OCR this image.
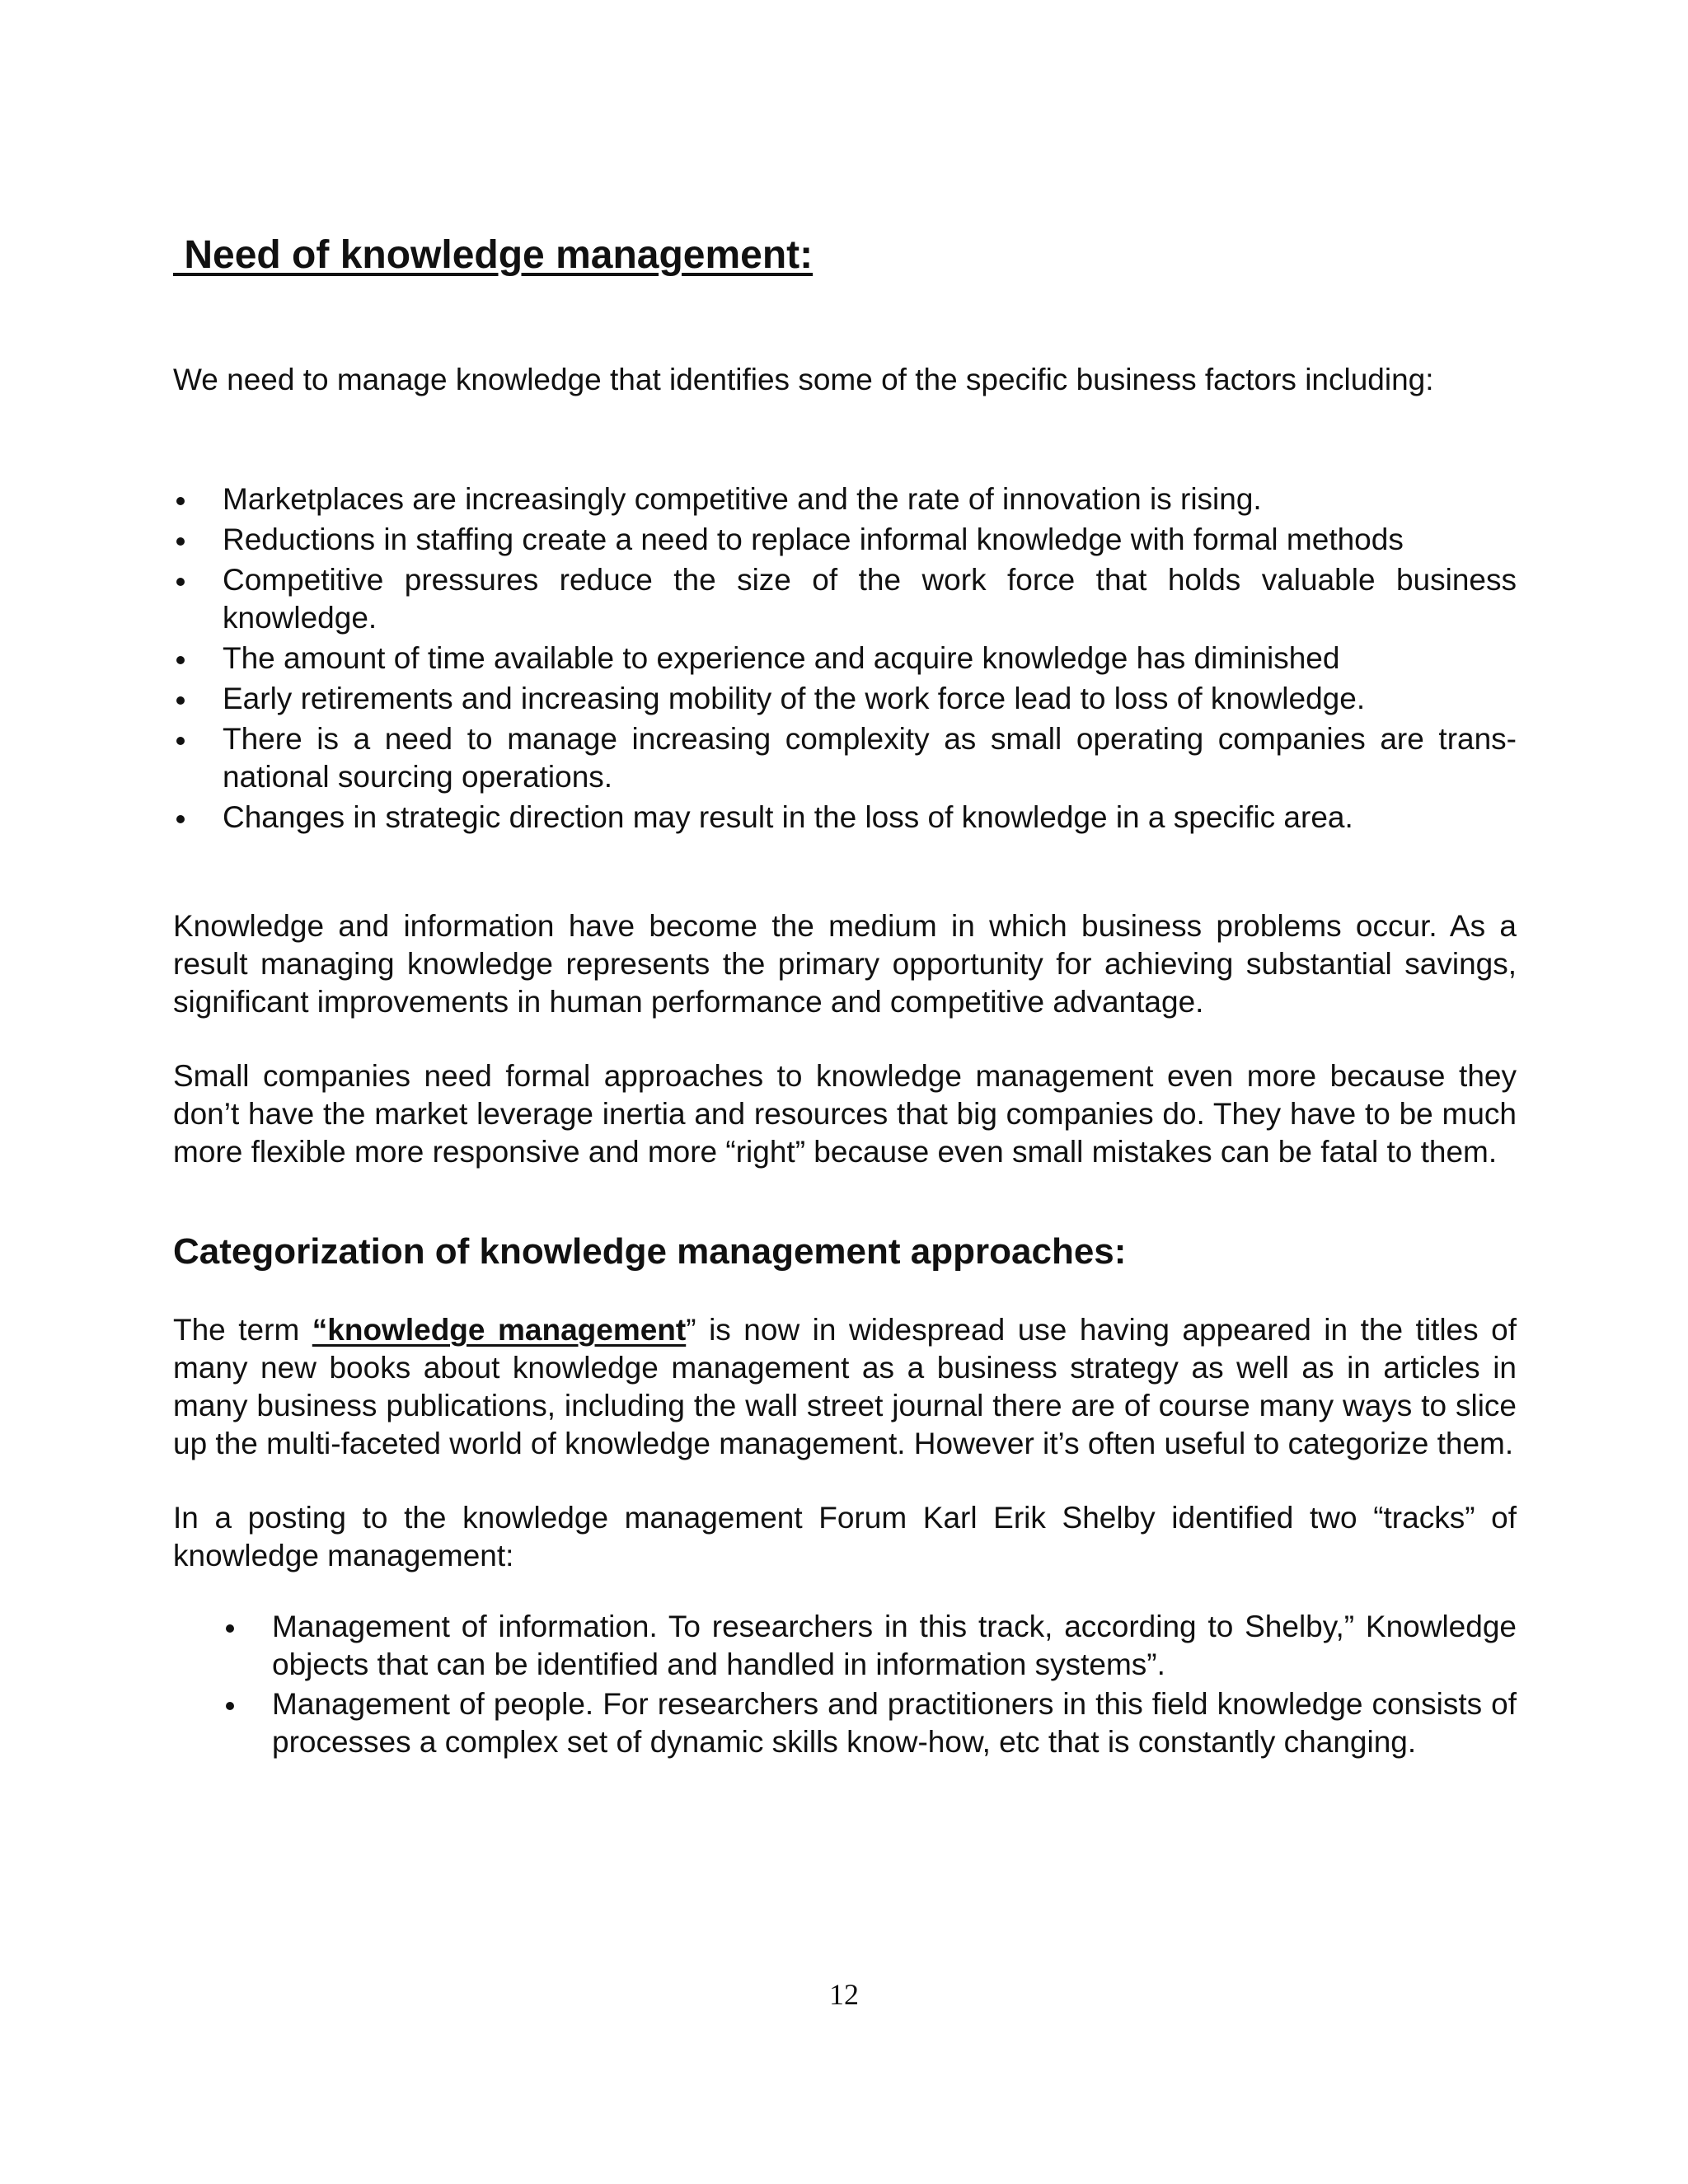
Need of knowledge management:

We need to manage knowledge that identifies some of the specific business factors including:

Marketplaces are increasingly competitive and the rate of innovation is rising.
Reductions in staffing create a need to replace informal knowledge with formal methods
Competitive pressures reduce the size of the work force that holds valuable business knowledge.
The amount of time available to experience and acquire knowledge has diminished
Early retirements and increasing mobility of the work force lead to loss of knowledge.
There is a need to manage increasing complexity as small operating companies are trans-national sourcing operations.
Changes in strategic direction may result in the loss of knowledge in a specific area.

Knowledge and information have become the medium in which business problems occur. As a result managing knowledge represents the primary opportunity for achieving substantial savings, significant improvements in human performance and competitive advantage.

Small companies need formal approaches to knowledge management even more because they don’t have the market leverage inertia and resources that big companies do. They have to be much more flexible more responsive and more “right” because even small mistakes can be fatal to them.

Categorization of knowledge management approaches:

The term “knowledge management” is now in widespread use having appeared in the titles of many new books about knowledge management as a business strategy as well as in articles in many business publications, including the wall street journal there are of course many ways to slice up the multi-faceted world of knowledge management. However it’s often useful to categorize them.

In a posting to the knowledge management Forum Karl Erik Shelby identified two “tracks” of knowledge management:

Management of information. To researchers in this track, according to Shelby,” Knowledge objects that can be identified and handled in information systems”.
Management of people. For researchers and practitioners in this field knowledge consists of processes a complex set of dynamic skills know-how, etc that is constantly changing.
12
